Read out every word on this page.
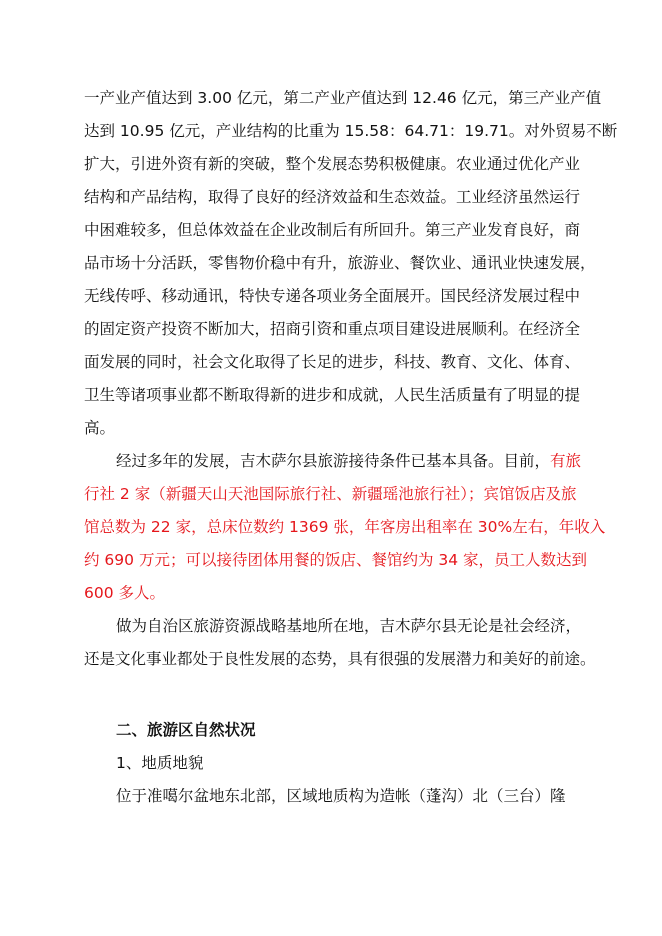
一产业产值达到 3.00 亿元，第二产业产值达到 12.46 亿元，第三产业产值
达到 10.95 亿元，产业结构的比重为 15.58：64.71：19.71。对外贸易不断
扩大，引进外资有新的突破，整个发展态势积极健康。农业通过优化产业
结构和产品结构，取得了良好的经济效益和生态效益。工业经济虽然运行
中困难较多，但总体效益在企业改制后有所回升。第三产业发育良好，商
品市场十分活跃，零售物价稳中有升，旅游业、餐饮业、通讯业快速发展，
无线传呼、移动通讯，特快专递各项业务全面展开。国民经济发展过程中
的固定资产投资不断加大，招商引资和重点项目建设进展顺利。在经济全
面发展的同时，社会文化取得了长足的进步，科技、教育、文化、体育、
卫生等诸项事业都不断取得新的进步和成就，人民生活质量有了明显的提
高。
经过多年的发展，吉木萨尔县旅游接待条件已基本具备。目前，有旅
行社 2 家（新疆天山天池国际旅行社、新疆瑶池旅行社）；宾馆饭店及旅
馆总数为 22 家，总床位数约 1369 张，年客房出租率在 30%左右，年收入
约 690 万元；可以接待团体用餐的饭店、餐馆约为 34 家，员工人数达到
600 多人。
做为自治区旅游资源战略基地所在地，吉木萨尔县无论是社会经济，
还是文化事业都处于良性发展的态势，具有很强的发展潜力和美好的前途。
二、旅游区自然状况
1、地质地貌
位于准噶尔盆地东北部，区域地质构为造帐（蓬沟）北（三台）隆
